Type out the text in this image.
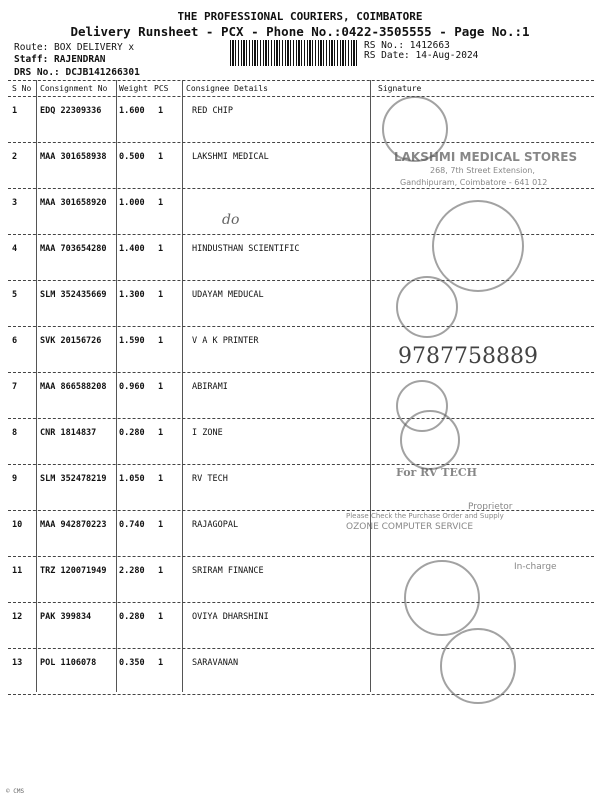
THE PROFESSIONAL COURIERS, COIMBATORE
Delivery Runsheet - PCX - Phone No.:0422-3505555 - Page No.:1
Route: BOX DELIVERY x
Staff: RAJENDRAN
DRS No.: DCJB141266301
RS No.: 1412663
RS Date: 14-Aug-2024
S No Consignment No Weight PCS Consignee Details	Signature
1	EDQ 22309336 1.600 1	RED CHIP
2	MAA 301658938 0.500 1	LAKSHMI MEDICAL
3	MAA 301658920 1.000 1
4	MAA 703654280 1.400 1	HINDUSTHAN SCIENTIFIC
5	SLM 352435669 1.300 1	UDAYAM MEDUCAL
6	SVK 20156726 1.590 1	V A K PRINTER
7	MAA 866588208 0.960 1	ABIRAMI
8	CNR 1814837	0.280 1	I ZONE
9	SLM 352478219 1.050 1	RV TECH
10 MAA 942870223 0.740 1	RAJAGOPAL
11 TRZ 120071949 2.280 1	SRIRAM FINANCE
12 PAK 399834	0.280 1	OVIYA DHARSHINI
13 POL 1106078	0.350 1	SARAVANAN
LAKSHMI MEDICAL STORES
268, 7th Street Extension,
Gandhipuram, Coimbatore - 641 012
9787758889
For RV TECH
Proprietor
Please Check the Purchase Order and Supply
OZONE COMPUTER SERVICE
In-charge
do
© CMS
